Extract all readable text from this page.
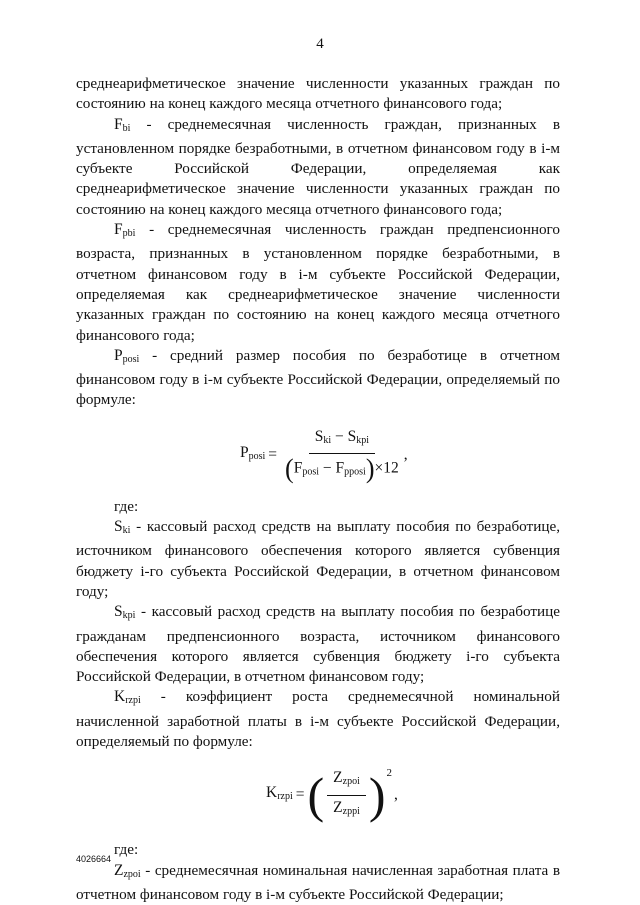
4

среднеарифметическое значение численности указанных граждан по состоянию на конец каждого месяца отчетного финансового года;

$F_{bi}$ - среднемесячная численность граждан, признанных в установленном порядке безработными, в отчетном финансовом году в i-м субъекте Российской Федерации, определяемая как среднеарифметическое значение численности указанных граждан по состоянию на конец каждого месяца отчетного финансового года;

$F_{pbi}$ - среднемесячная численность граждан предпенсионного возраста, признанных в установленном порядке безработными, в отчетном финансовом году в i-м субъекте Российской Федерации, определяемая как среднеарифметическое значение численности указанных граждан по состоянию на конец каждого месяца отчетного финансового года;

$P_{posi}$ - средний размер пособия по безработице в отчетном финансовом году в i-м субъекте Российской Федерации, определяемый по формуле:

$P_{posi} = \frac{S_{ki} - S_{kpi}}{(F_{posi} - F_{pposi})\times 12}$ ,

где:

$S_{ki}$ - кассовый расход средств на выплату пособия по безработице, источником финансового обеспечения которого является субвенция бюджету i-го субъекта Российской Федерации, в отчетном финансовом году;

$S_{kpi}$ - кассовый расход средств на выплату пособия по безработице гражданам предпенсионного возраста, источником финансового обеспечения которого является субвенция бюджету i-го субъекта Российской Федерации, в отчетном финансовом году;

$K_{rzpi}$ - коэффициент роста среднемесячной номинальной начисленной заработной платы в i-м субъекте Российской Федерации, определяемый по формуле:

$K_{rzpi}$ = ( $\frac{Z_{zpoi}}{Z_{zppi}}$ ) 2
,

где:

$Z_{zpoi}$ - среднемесячная номинальная начисленная заработная плата в отчетном финансовом году в i-м субъекте Российской Федерации;

4026664
